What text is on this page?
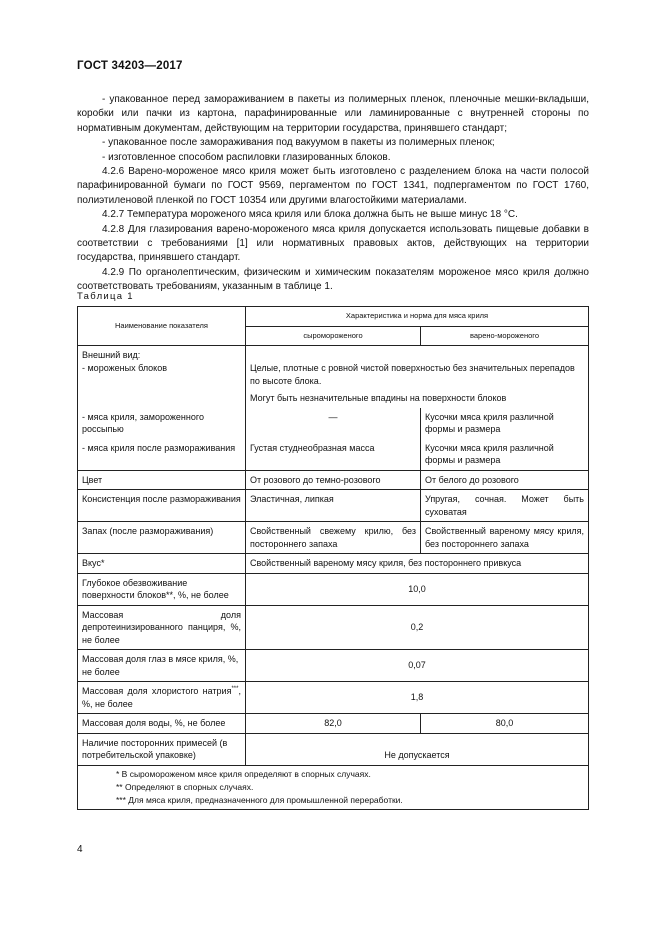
ГОСТ 34203—2017

- упакованное перед замораживанием в пакеты из полимерных пленок, пленочные мешки-вкладыши, коробки или пачки из картона, парафинированные или ламинированные с внутренней стороны по нормативным документам, действующим на территории государства, принявшего стандарт;

- упакованное после замораживания под вакуумом в пакеты из полимерных пленок;

- изготовленное способом распиловки глазированных блоков.

4.2.6 Варено-мороженое мясо криля может быть изготовлено с разделением блока на части полосой парафинированной бумаги по ГОСТ 9569, пергаментом по ГОСТ 1341, подпергаментом по ГОСТ 1760, полиэтиленовой пленкой по ГОСТ 10354 или другими влагостойкими материалами.

4.2.7 Температура мороженого мяса криля или блока должна быть не выше минус 18 °С.

4.2.8 Для глазирования варено-мороженого мяса криля допускается использовать пищевые добавки в соответствии с требованиями [1] или нормативных правовых актов, действующих на территории государства, принявшего стандарт.

4.2.9 По органолептическим, физическим и химическим показателям мороженое мясо криля должно соответствовать требованиям, указанным в таблице 1.

Таблица 1
Наименование показателя	Характеристика и норма для мяса криля	
	сыромороженого	варено-мороженого
Внешний вид:
- мороженых блоков	Целые, плотные с ровной чистой поверхностью без значительных перепадов по высоте блока.
Могут быть незначительные впадины на поверхности блоков	

- мяса криля, замороженного россыпью	—	Кусочки мяса криля различной формы и размера
- мяса криля после размораживания	Густая студнеобразная масса	Кусочки мяса криля различной формы и размера
Цвет	От розового до темно-розового	От белого до розового
Консистенция после размораживания	Эластичная, липкая	Упругая, сочная. Может быть суховатая
Запах (после размораживания)	Свойственный свежему крилю, без постороннего запаха	Свойственный вареному мясу криля, без постороннего запаха
Вкус*	Свойственный вареному мясу криля, без постороннего привкуса	
Глубокое обезвоживание поверхности блоков**, %, не более	10,0	
Массовая доля депротеинизированного панциря, %, не более	0,2	
Массовая доля глаз в мясе криля, %, не более	0,07	
Массовая доля хлористого натрия***, %, не более	1,8	
Массовая доля воды, %, не более	82,0	80,0
Наличие посторонних примесей (в потребительской упаковке)	Не допускается	

* В сыромороженом мясе криля определяют в спорных случаях.
** Определяют в спорных случаях.
*** Для мяса криля, предназначенного для промышленной переработки.		
4
